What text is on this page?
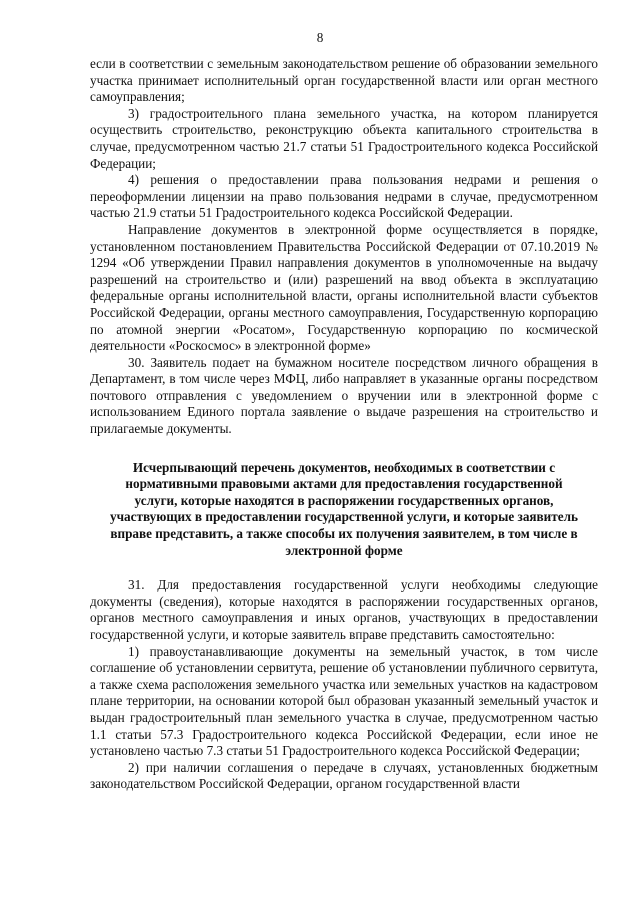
8

если в соответствии с земельным законодательством решение об образовании земельного участка принимает исполнительный орган государственной власти или орган местного самоуправления;

3) градостроительного плана земельного участка, на котором планируется осуществить строительство, реконструкцию объекта капитального строительства в случае, предусмотренном частью 21.7 статьи 51 Градостроительного кодекса Российской Федерации;

4) решения о предоставлении права пользования недрами и решения о переоформлении лицензии на право пользования недрами в случае, предусмотренном частью 21.9 статьи 51 Градостроительного кодекса Российской Федерации.

Направление документов в электронной форме осуществляется в порядке, установленном постановлением Правительства Российской Федерации от 07.10.2019 № 1294 «Об утверждении Правил направления документов в уполномоченные на выдачу разрешений на строительство и (или) разрешений на ввод объекта в эксплуатацию федеральные органы исполнительной власти, органы исполнительной власти субъектов Российской Федерации, органы местного самоуправления, Государственную корпорацию по атомной энергии «Росатом», Государственную корпорацию по космической деятельности «Роскосмос» в электронной форме»

30. Заявитель подает на бумажном носителе посредством личного обращения в Департамент, в том числе через МФЦ, либо направляет в указанные органы посредством почтового отправления с уведомлением о вручении или в электронной форме с использованием Единого портала заявление о выдаче разрешения на строительство и прилагаемые документы.

Исчерпывающий перечень документов, необходимых в соответствии с нормативными правовыми актами для предоставления государственной услуги, которые находятся в распоряжении государственных органов, участвующих в предоставлении государственной услуги, и которые заявитель вправе представить, а также способы их получения заявителем, в том числе в электронной форме

31. Для предоставления государственной услуги необходимы следующие документы (сведения), которые находятся в распоряжении государственных органов, органов местного самоуправления и иных органов, участвующих в предоставлении государственной услуги, и которые заявитель вправе представить самостоятельно:

1) правоустанавливающие документы на земельный участок, в том числе соглашение об установлении сервитута, решение об установлении публичного сервитута, а также схема расположения земельного участка или земельных участков на кадастровом плане территории, на основании которой был образован указанный земельный участок и выдан градостроительный план земельного участка в случае, предусмотренном частью 1.1 статьи 57.3 Градостроительного кодекса Российской Федерации, если иное не установлено частью 7.3 статьи 51 Градостроительного кодекса Российской Федерации;

2) при наличии соглашения о передаче в случаях, установленных бюджетным законодательством Российской Федерации, органом государственной власти
